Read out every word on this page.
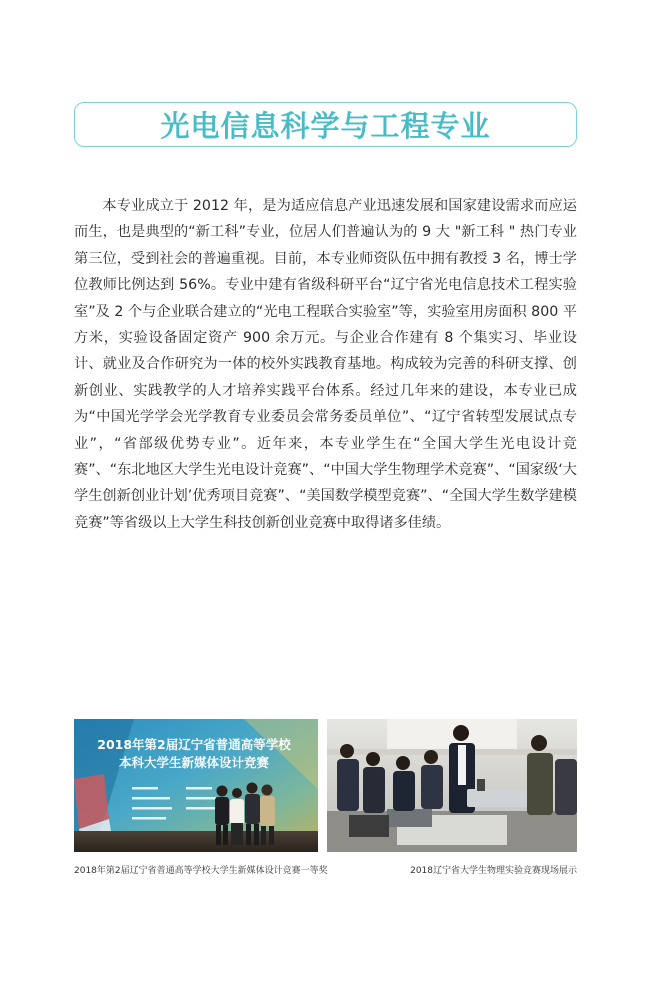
光电信息科学与工程专业

本专业成立于 2012 年，是为适应信息产业迅速发展和国家建设需求而应运而生，也是典型的“新工科”专业，位居人们普遍认为的 9 大 "新工科 " 热门专业第三位，受到社会的普遍重视。目前，本专业师资队伍中拥有教授 3 名，博士学位教师比例达到 56%。专业中建有省级科研平台“辽宁省光电信息技术工程实验室”及 2 个与企业联合建立的“光电工程联合实验室”等，实验室用房面积 800 平方米，实验设备固定资产 900 余万元。与企业合作建有 8 个集实习、毕业设计、就业及合作研究为一体的校外实践教育基地。构成较为完善的科研支撑、创新创业、实践教学的人才培养实践平台体系。经过几年来的建设，本专业已成为“中国光学学会光学教育专业委员会常务委员单位”、“辽宁省转型发展试点专业”，“省部级优势专业”。近年来，本专业学生在“全国大学生光电设计竞赛”、“东北地区大学生光电设计竞赛”、“中国大学生物理学术竞赛”、“国家级‘大学生创新创业计划’优秀项目竞赛”、“美国数学模型竞赛”、“全国大学生数学建模竞赛”等省级以上大学生科技创新创业竞赛中取得诸多佳绩。

2018年第2届辽宁省普通高等学校
本科大学生新媒体设计竞赛
2018年第2届辽宁省普通高等学校大学生新媒体设计竞赛一等奖	2018辽宁省大学生物理实验竞赛现场展示
